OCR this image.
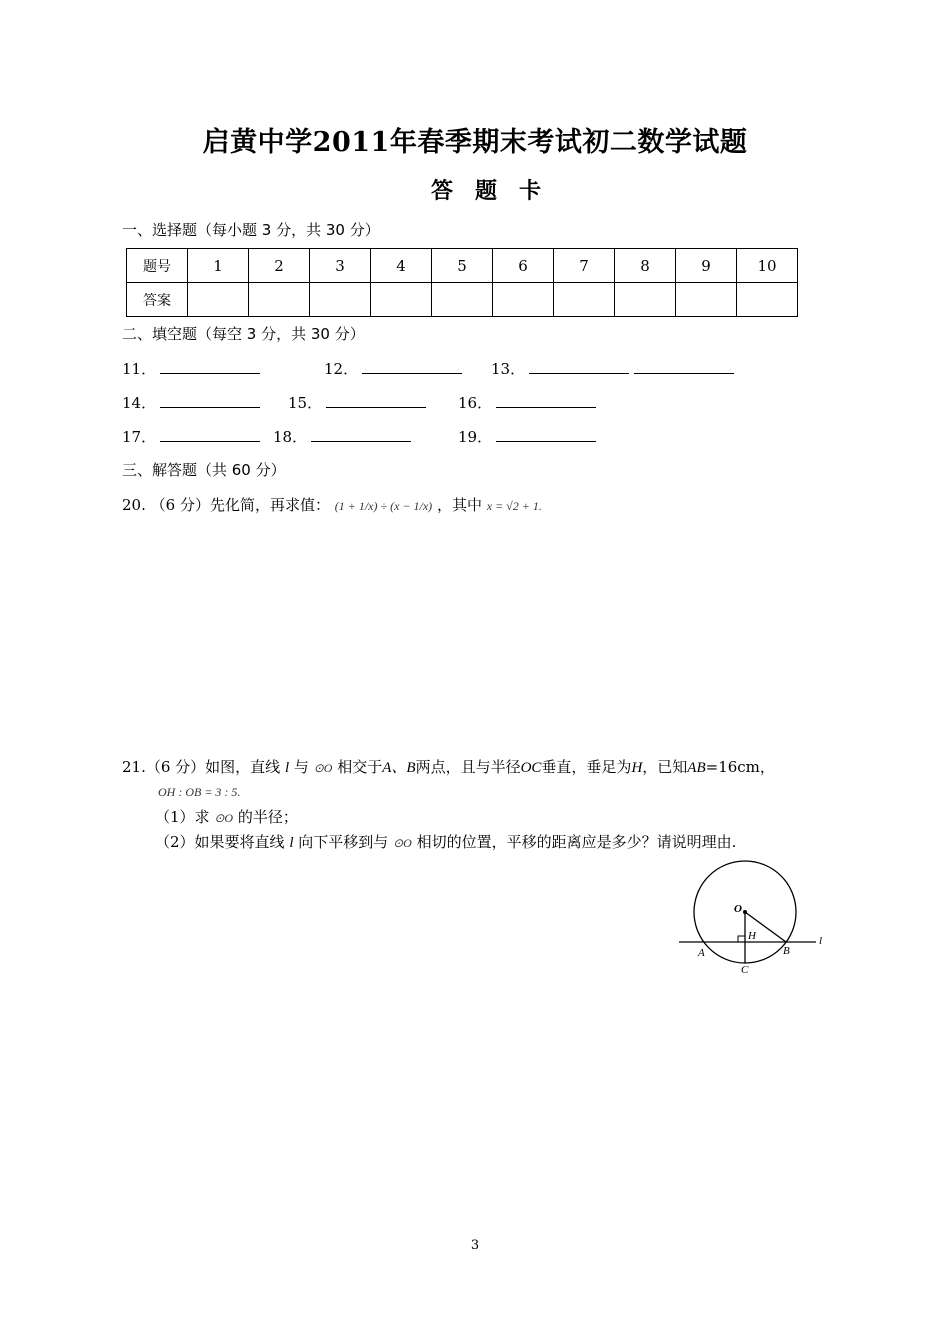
启黄中学2011年春季期末考试初二数学试题
答题卡
一、选择题（每小题 3 分，共 30 分）
题号	1	2	3	4	5	6	7	8	9	10
答案										
二、填空题（每空 3 分，共 30 分）
11．	12．	13．
14．	15．	16．
17．	18．	19．
三、解答题（共 60 分）
20. （6 分）先化简，再求值： (1 + 1/x) ÷ (x − 1/x) ，其中 x = √2 + 1.
21.（6 分）如图，直线 l 与 ⊙O 相交于A、B两点，且与半径OC垂直，垂足为H，已知AB=16cm，
OH : OB = 3 : 5.
（1）求 ⊙O 的半径；
（2）如果要将直线 l 向下平移到与 ⊙O 相切的位置，平移的距离应是多少？请说明理由.
O
H
A	B
C
l
3
